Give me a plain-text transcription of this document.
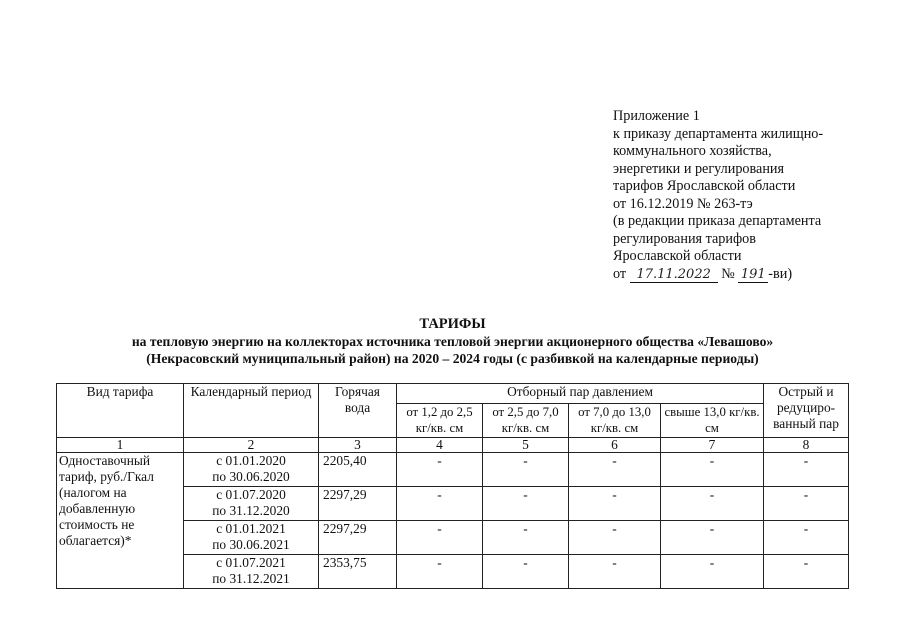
Приложение 1
к приказу департамента жилищно-
коммунального хозяйства,
энергетики и регулирования
тарифов Ярославской области
от 16.12.2019 № 263-тэ
(в редакции приказа департамента
регулирования тарифов
Ярославской области
от 17.11.2022 № 191 -ви)
ТАРИФЫ
на тепловую энергию на коллекторах источника тепловой энергии акционерного общества «Левашово»
(Некрасовский муниципальный район) на 2020 – 2024 годы (с разбивкой на календарные периоды)
Вид тарифа	Календарный период	Горячая вода	Отборный пар давлением				Острый и редуциро-ванный пар
			от 1,2 до 2,5 кг/кв. см	от 2,5 до 7,0 кг/кв. см	от 7,0 до 13,0 кг/кв. см	свыше 13,0 кг/кв. см	
1	2	3	4	5	6	7	8
Одноставочный тариф, руб./Гкал (налогом на добавленную стоимость не облагается)*	с 01.01.2020
по 30.06.2020	2205,40	-	-	-	-	-

	с 01.07.2020
по 31.12.2020	2297,29	-	-	-	-	-

	с 01.01.2021
по 30.06.2021	2297,29	-	-	-	-	-

	с 01.07.2021
по 31.12.2021	2353,75	-	-	-	-	-
